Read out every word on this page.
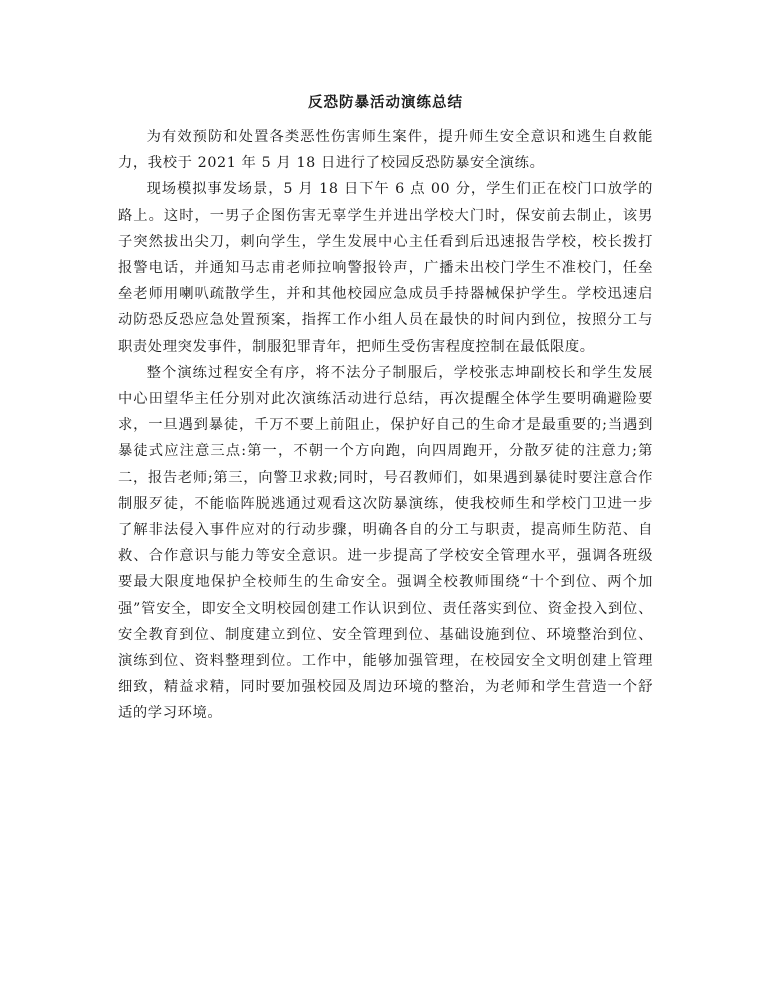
反恐防暴活动演练总结

为有效预防和处置各类恶性伤害师生案件，提升师生安全意识和逃生自救能力，我校于 2021 年 5 月 18 日进行了校园反恐防暴安全演练。

现场模拟事发场景，5 月 18 日下午 6 点 00 分，学生们正在校门口放学的路上。这时，一男子企图伤害无辜学生并进出学校大门时，保安前去制止，该男子突然拔出尖刀，刺向学生，学生发展中心主任看到后迅速报告学校，校长拨打报警电话，并通知马志甫老师拉响警报铃声，广播未出校门学生不准校门，任垒垒老师用喇叭疏散学生，并和其他校园应急成员手持器械保护学生。学校迅速启动防恐反恐应急处置预案，指挥工作小组人员在最快的时间内到位，按照分工与职责处理突发事件，制服犯罪青年，把师生受伤害程度控制在最低限度。

整个演练过程安全有序，将不法分子制服后，学校张志坤副校长和学生发展中心田望华主任分别对此次演练活动进行总结，再次提醒全体学生要明确避险要求，一旦遇到暴徒，千万不要上前阻止，保护好自己的生命才是最重要的;当遇到暴徒式应注意三点:第一，不朝一个方向跑，向四周跑开，分散歹徒的注意力;第二，报告老师;第三，向警卫求救;同时，号召教师们，如果遇到暴徒时要注意合作制服歹徒，不能临阵脱逃通过观看这次防暴演练，使我校师生和学校门卫进一步了解非法侵入事件应对的行动步骤，明确各自的分工与职责，提高师生防范、自救、合作意识与能力等安全意识。进一步提高了学校安全管理水平，强调各班级要最大限度地保护全校师生的生命安全。强调全校教师围绕“十个到位、两个加强”管安全，即安全文明校园创建工作认识到位、责任落实到位、资金投入到位、安全教育到位、制度建立到位、安全管理到位、基础设施到位、环境整治到位、演练到位、资料整理到位。工作中，能够加强管理，在校园安全文明创建上管理细致，精益求精，同时要加强校园及周边环境的整治，为老师和学生营造一个舒适的学习环境。
